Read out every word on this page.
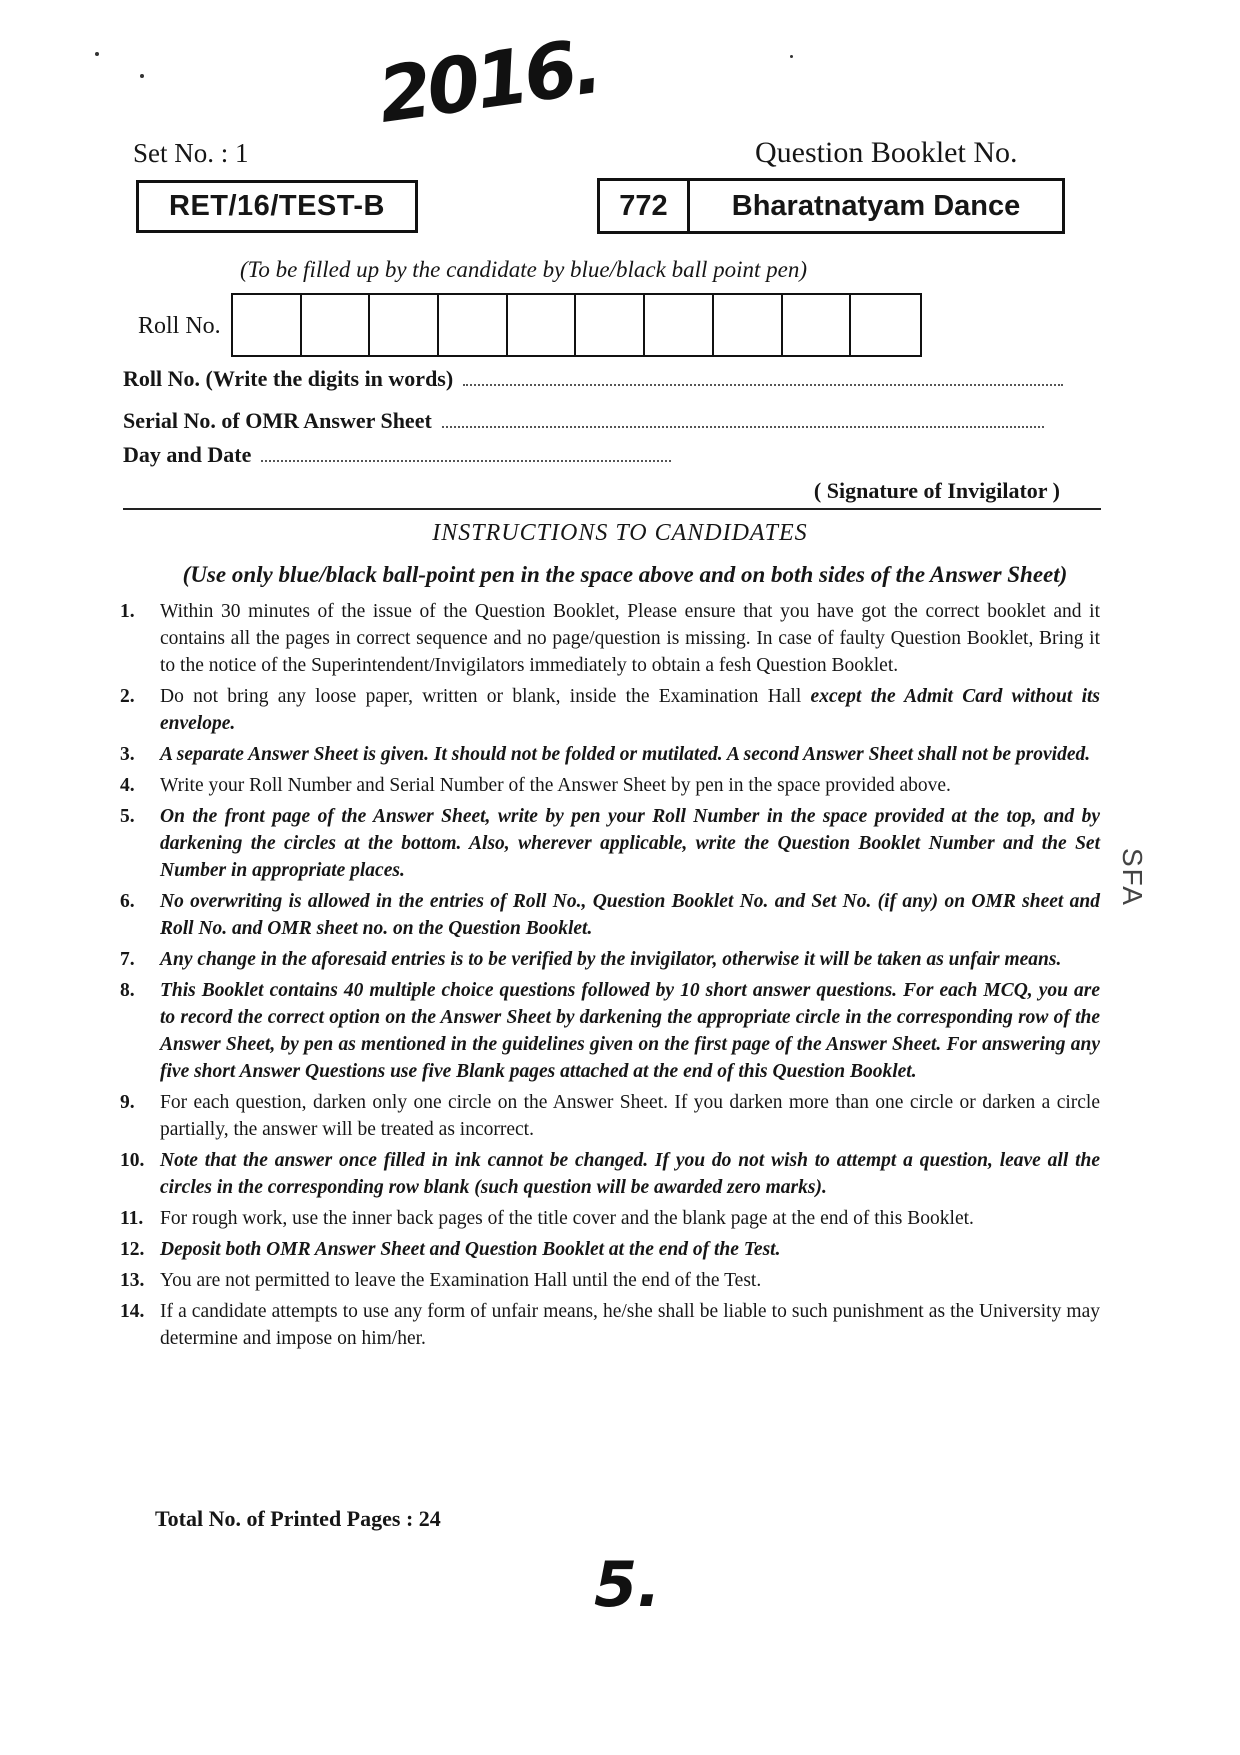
2016.
Set No. : 1	Question Booklet No.
RET/16/TEST-B	772	Bharatnatyam Dance
(To be filled up by the candidate by blue/black ball point pen)
Roll No.
Roll No. (Write the digits in words)
Serial No. of OMR Answer Sheet
Day and Date
( Signature of Invigilator )
INSTRUCTIONS TO CANDIDATES
(Use only blue/black ball-point pen in the space above and on both sides of the Answer Sheet)
1.	Within 30 minutes of the issue of the Question Booklet, Please ensure that you have got the correct booklet and it contains all the pages in correct sequence and no page/question is missing. In case of faulty Question Booklet, Bring it to the notice of the Superintendent/Invigilators immediately to obtain a fesh Question Booklet.
2.	Do not bring any loose paper, written or blank, inside the Examination Hall except the Admit Card without its envelope.
3.	A separate Answer Sheet is given. It should not be folded or mutilated. A second Answer Sheet shall not be provided.
4.	Write your Roll Number and Serial Number of the Answer Sheet by pen in the space provided above.
5.	On the front page of the Answer Sheet, write by pen your Roll Number in the space provided at the top, and by darkening the circles at the bottom. Also, wherever applicable, write the Question Booklet Number and the Set Number in appropriate places.
6.	No overwriting is allowed in the entries of Roll No., Question Booklet No. and Set No. (if any) on OMR sheet and Roll No. and OMR sheet no. on the Question Booklet.
7.	Any change in the aforesaid entries is to be verified by the invigilator, otherwise it will be taken as unfair means.
8.	This Booklet contains 40 multiple choice questions followed by 10 short answer questions. For each MCQ, you are to record the correct option on the Answer Sheet by darkening the appropriate circle in the corresponding row of the Answer Sheet, by pen as mentioned in the guidelines given on the first page of the Answer Sheet. For answering any five short Answer Questions use five Blank pages attached at the end of this Question Booklet.
9.	For each question, darken only one circle on the Answer Sheet. If you darken more than one circle or darken a circle partially, the answer will be treated as incorrect.
10. Note that the answer once filled in ink cannot be changed. If you do not wish to attempt a question, leave all the circles in the corresponding row blank (such question will be awarded zero marks).
11. For rough work, use the inner back pages of the title cover and the blank page at the end of this Booklet.
12. Deposit both OMR Answer Sheet and Question Booklet at the end of the Test.
13. You are not permitted to leave the Examination Hall until the end of the Test.
14. If a candidate attempts to use any form of unfair means, he/she shall be liable to such punishment as the University may determine and impose on him/her.
Total No. of Printed Pages : 24
5.
SFA
